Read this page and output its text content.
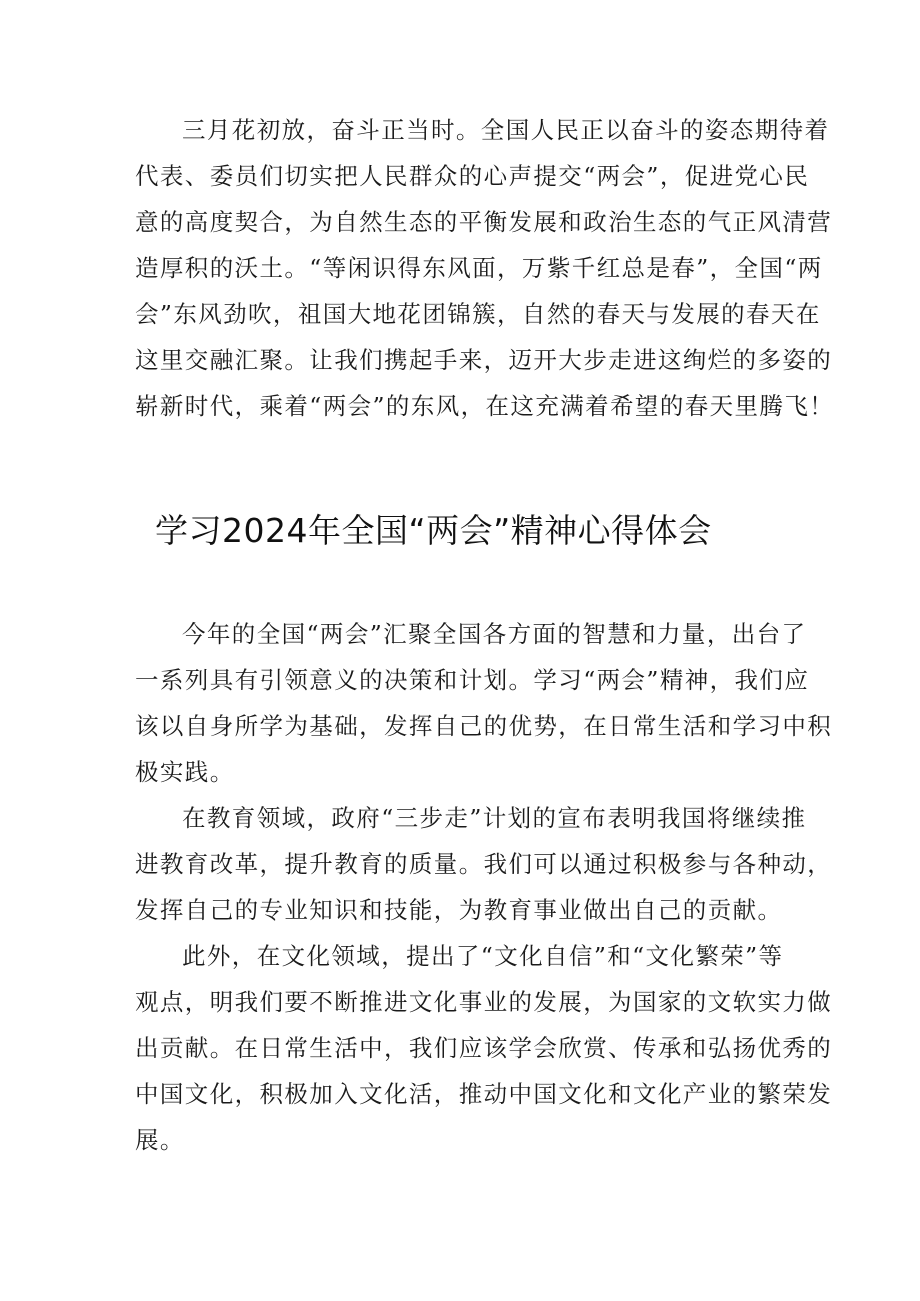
三月花初放，奋斗正当时。全国人民正以奋斗的姿态期待着
代表、委员们切实把人民群众的心声提交“两会”，促进党心民
意的高度契合，为自然生态的平衡发展和政治生态的气正风清营
造厚积的沃土。“等闲识得东风面，万紫千红总是春”，全国“两
会”东风劲吹，祖国大地花团锦簇，自然的春天与发展的春天在
这里交融汇聚。让我们携起手来，迈开大步走进这绚烂的多姿的
崭新时代，乘着“两会”的东风，在这充满着希望的春天里腾飞！
学习2024年全国“两会”精神心得体会
今年的全国“两会”汇聚全国各方面的智慧和力量，出台了
一系列具有引领意义的决策和计划。学习“两会”精神，我们应
该以自身所学为基础，发挥自己的优势，在日常生活和学习中积
极实践。
在教育领域，政府“三步走”计划的宣布表明我国将继续推
进教育改革，提升教育的质量。我们可以通过积极参与各种动，
发挥自己的专业知识和技能，为教育事业做出自己的贡献。
此外，在文化领域，提出了“文化自信”和“文化繁荣”等
观点，明我们要不断推进文化事业的发展，为国家的文软实力做
出贡献。在日常生活中，我们应该学会欣赏、传承和弘扬优秀的
中国文化，积极加入文化活，推动中国文化和文化产业的繁荣发
展。
